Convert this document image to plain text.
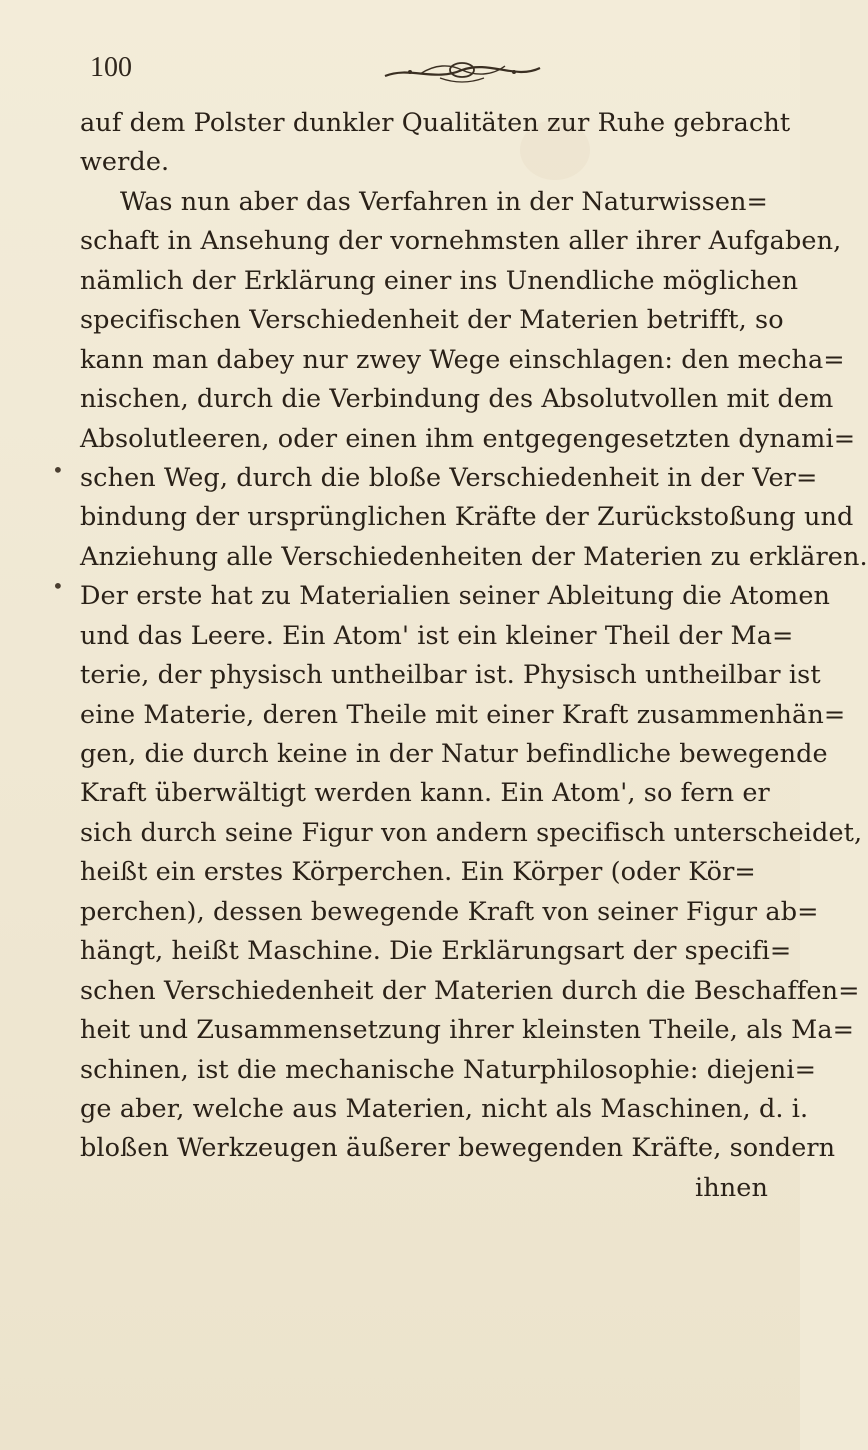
100
•
•
auf dem Polster dunkler Qualitäten zur Ruhe gebracht
werde.
Was nun aber das Verfahren in der Naturwissen=
schaft in Ansehung der vornehmsten aller ihrer Aufgaben,
nämlich der Erklärung einer ins Unendliche möglichen
specifischen Verschiedenheit der Materien betrifft, so
kann man dabey nur zwey Wege einschlagen: den mecha=
nischen, durch die Verbindung des Absolutvollen mit dem
Absolutleeren, oder einen ihm entgegengesetzten dynami=
schen Weg, durch die bloße Verschiedenheit in der Ver=
bindung der ursprünglichen Kräfte der Zurückstoßung und
Anziehung alle Verschiedenheiten der Materien zu erklären.
Der erste hat zu Materialien seiner Ableitung die Atomen
und das Leere. Ein Atom' ist ein kleiner Theil der Ma=
terie, der physisch untheilbar ist. Physisch untheilbar ist
eine Materie, deren Theile mit einer Kraft zusammenhän=
gen, die durch keine in der Natur befindliche bewegende
Kraft überwältigt werden kann. Ein Atom', so fern er
sich durch seine Figur von andern specifisch unterscheidet,
heißt ein erstes Körperchen. Ein Körper (oder Kör=
perchen), dessen bewegende Kraft von seiner Figur ab=
hängt, heißt Maschine. Die Erklärungsart der specifi=
schen Verschiedenheit der Materien durch die Beschaffen=
heit und Zusammensetzung ihrer kleinsten Theile, als Ma=
schinen, ist die mechanische Naturphilosophie: diejeni=
ge aber, welche aus Materien, nicht als Maschinen, d. i.
bloßen Werkzeugen äußerer bewegenden Kräfte, sondern
ihnen
